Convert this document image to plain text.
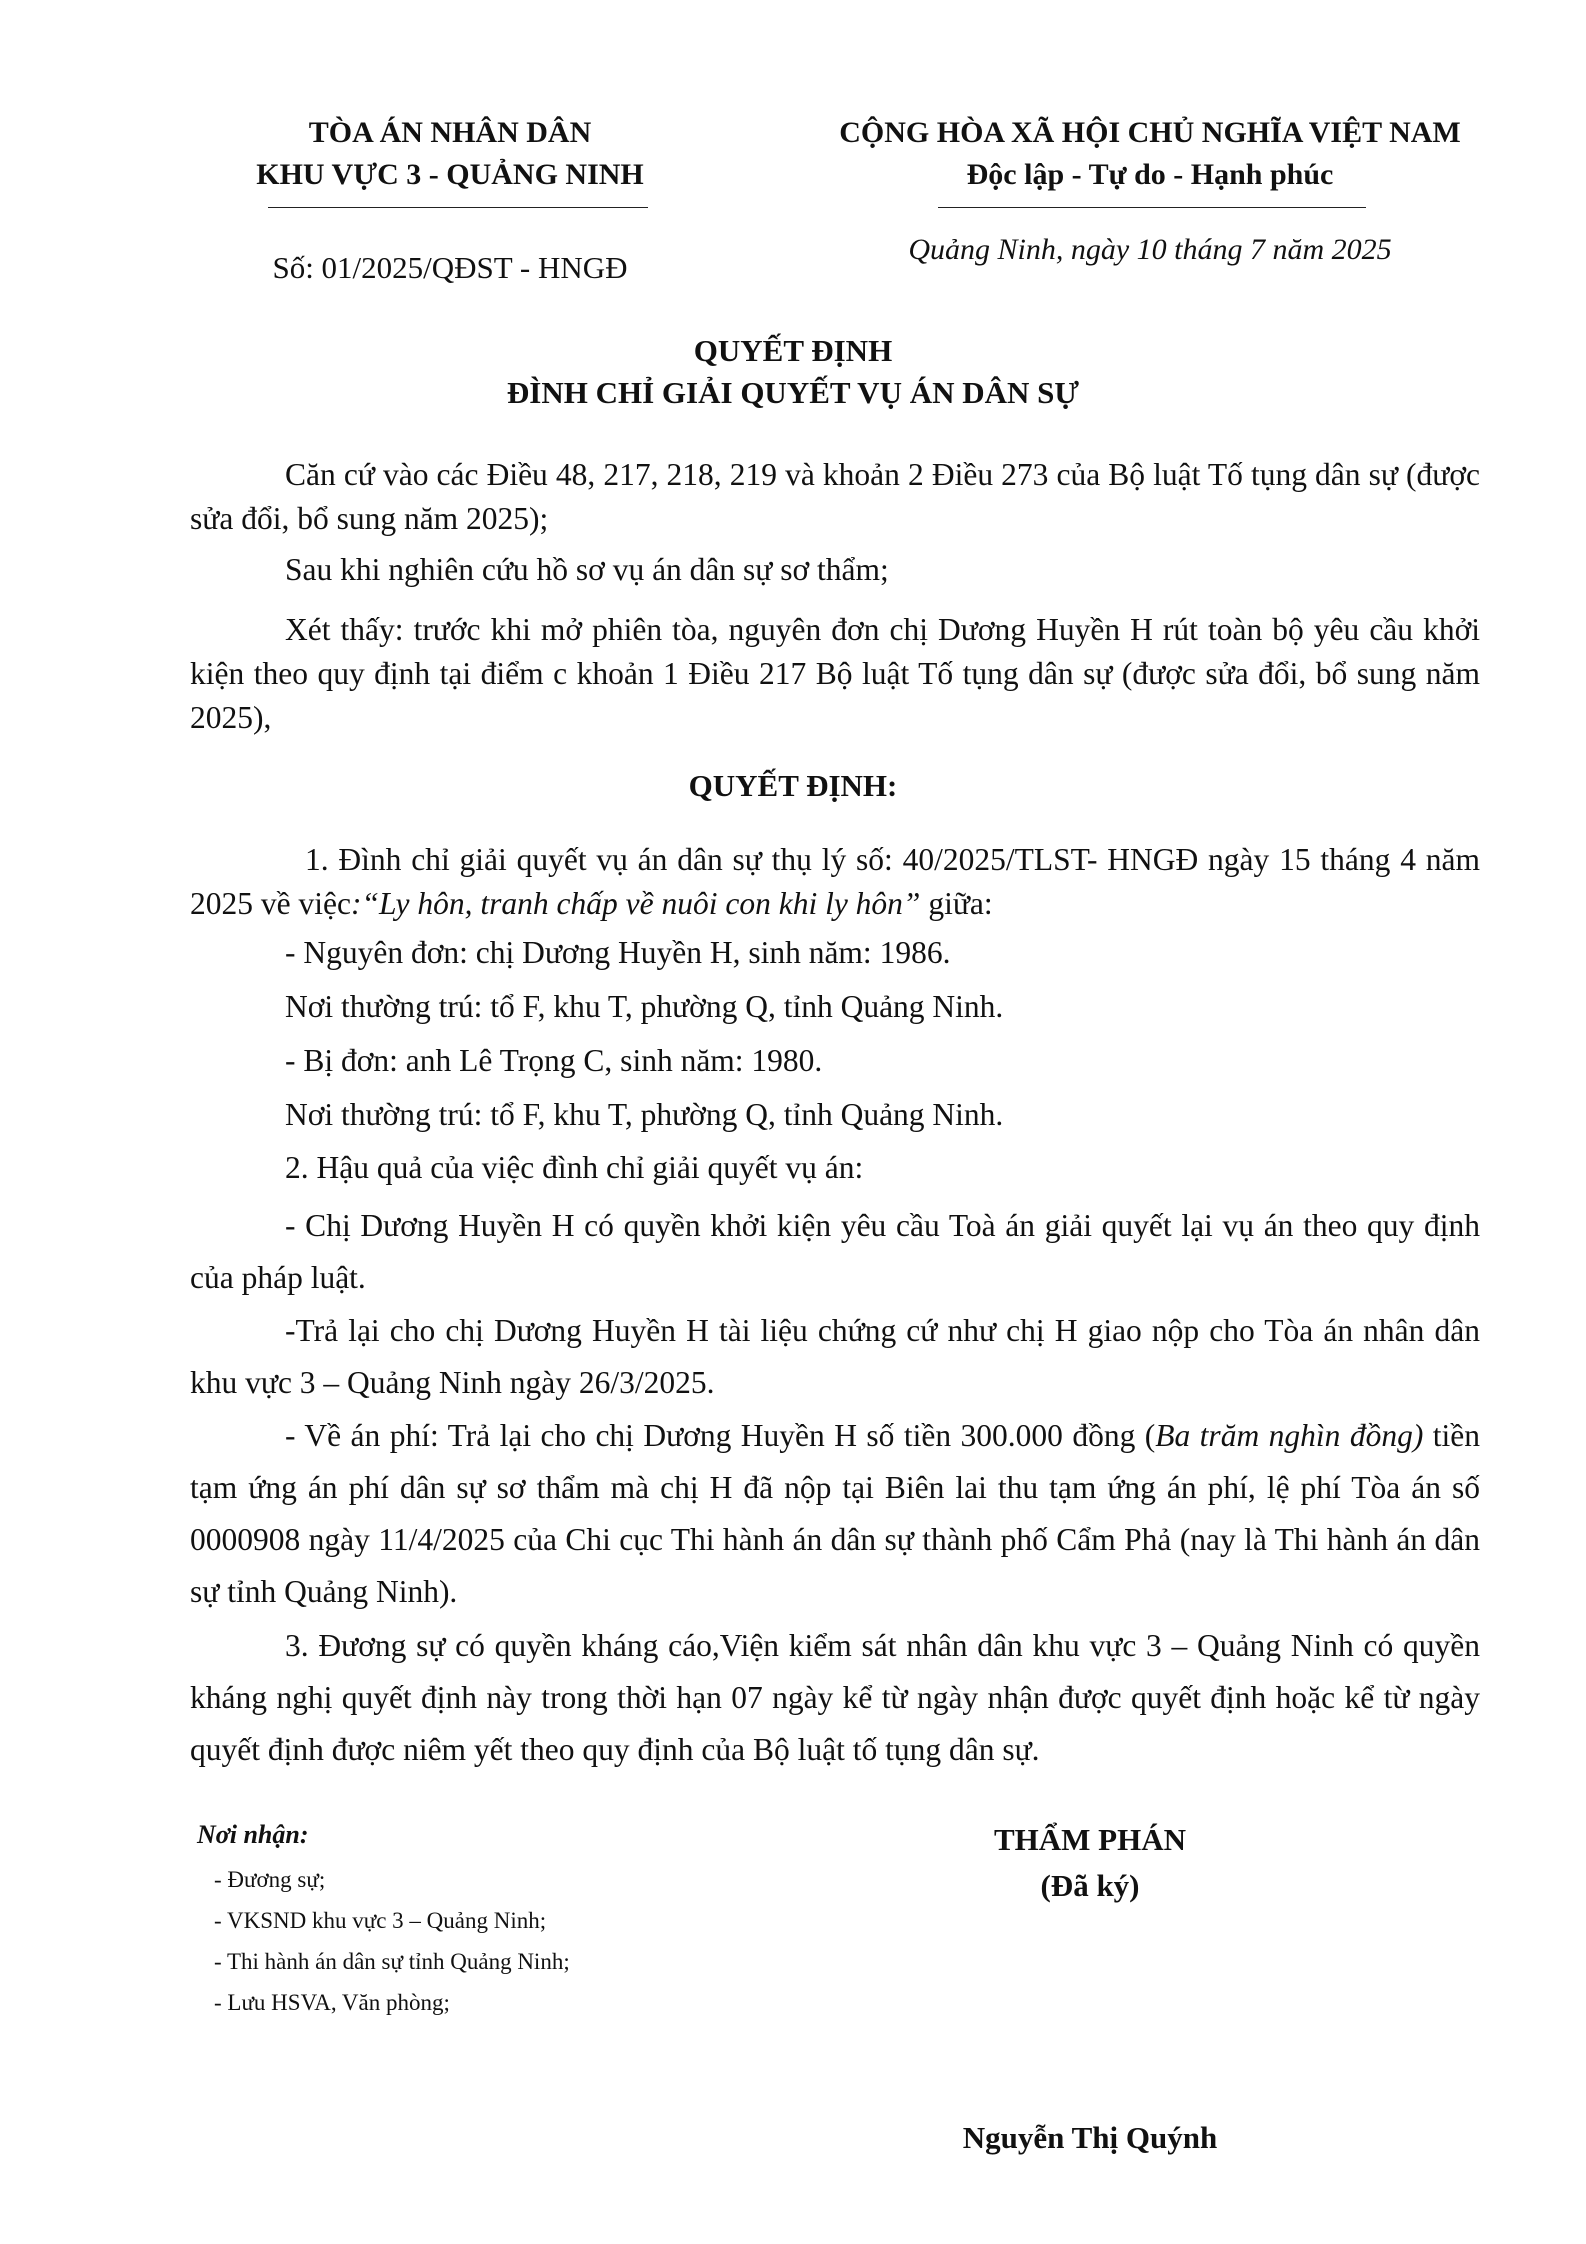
TÒA ÁN NHÂN DÂN
KHU VỰC 3 - QUẢNG NINH
Số: 01/2025/QĐST - HNGĐ
CỘNG HÒA XÃ HỘI CHỦ NGHĨA VIỆT NAM
Độc lập - Tự do - Hạnh phúc
Quảng Ninh, ngày 10 tháng 7 năm 2025
QUYẾT ĐỊNH
ĐÌNH CHỈ GIẢI QUYẾT VỤ ÁN DÂN SỰ
Căn cứ vào các Điều 48, 217, 218, 219 và khoản 2 Điều 273 của Bộ luật Tố tụng dân sự (được sửa đổi, bổ sung năm 2025);
Sau khi nghiên cứu hồ sơ vụ án dân sự sơ thẩm;
Xét thấy: trước khi mở phiên tòa, nguyên đơn chị Dương Huyền H rút toàn bộ yêu cầu khởi kiện theo quy định tại điểm c khoản 1 Điều 217 Bộ luật Tố tụng dân sự (được sửa đổi, bổ sung năm 2025),
QUYẾT ĐỊNH:
1. Đình chỉ giải quyết vụ án dân sự thụ lý số: 40/2025/TLST- HNGĐ ngày 15 tháng 4 năm 2025 về việc:“Ly hôn, tranh chấp về nuôi con khi ly hôn” giữa:
- Nguyên đơn: chị Dương Huyền H, sinh năm: 1986.
Nơi thường trú: tổ F, khu T, phường Q, tỉnh Quảng Ninh.
- Bị đơn: anh Lê Trọng C, sinh năm: 1980.
Nơi thường trú: tổ F, khu T, phường Q, tỉnh Quảng Ninh.
2. Hậu quả của việc đình chỉ giải quyết vụ án:
- Chị Dương Huyền H có quyền khởi kiện yêu cầu Toà án giải quyết lại vụ án theo quy định của pháp luật.
-Trả lại cho chị Dương Huyền H tài liệu chứng cứ như chị H giao nộp cho Tòa án nhân dân khu vực 3 – Quảng Ninh ngày 26/3/2025.
- Về án phí: Trả lại cho chị Dương Huyền H số tiền 300.000 đồng (Ba trăm nghìn đồng) tiền tạm ứng án phí dân sự sơ thẩm mà chị H đã nộp tại Biên lai thu tạm ứng án phí, lệ phí Tòa án số 0000908 ngày 11/4/2025 của Chi cục Thi hành án dân sự thành phố Cẩm Phả (nay là Thi hành án dân sự tỉnh Quảng Ninh).
3. Đương sự có quyền kháng cáo,Viện kiểm sát nhân dân khu vực 3 – Quảng Ninh có quyền kháng nghị quyết định này trong thời hạn 07 ngày kể từ ngày nhận được quyết định hoặc kể từ ngày quyết định được niêm yết theo quy định của Bộ luật tố tụng dân sự.
Nơi nhận:
- Đương sự;
- VKSND khu vực 3 – Quảng Ninh;
- Thi hành án dân sự tỉnh Quảng Ninh;
- Lưu HSVA, Văn phòng;
THẨM PHÁN
(Đã ký)
Nguyễn Thị Quýnh
